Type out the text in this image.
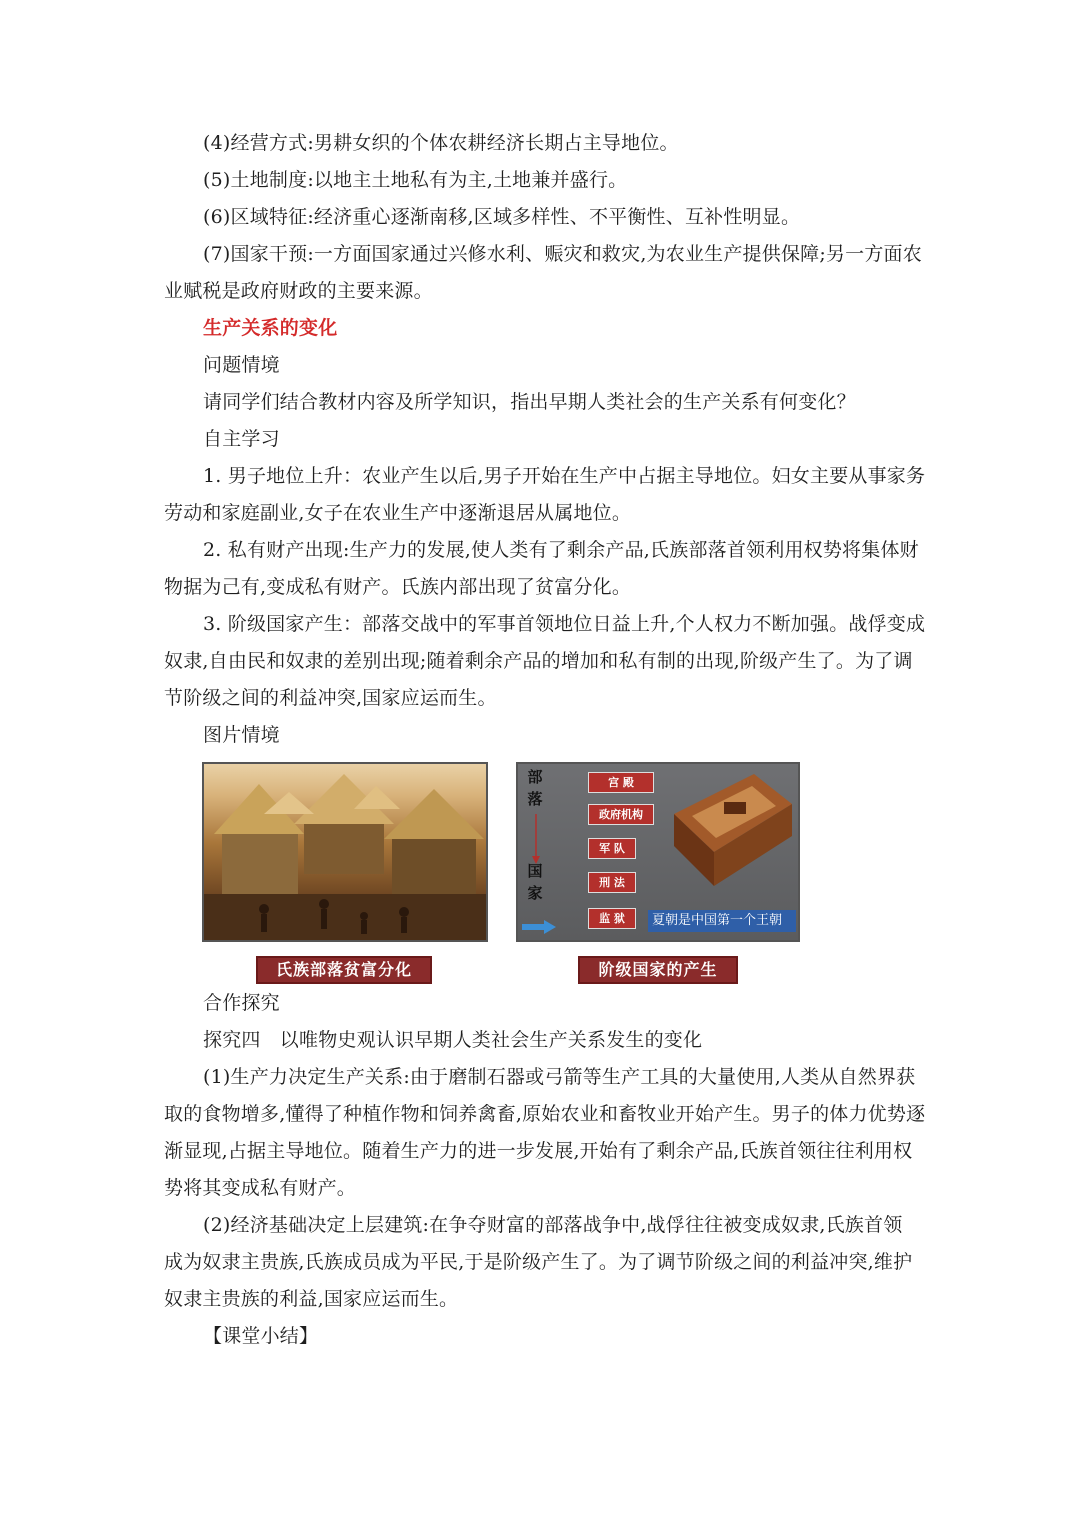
(4)经营方式:男耕女织的个体农耕经济长期占主导地位。
(5)土地制度:以地主土地私有为主,土地兼并盛行。
(6)区域特征:经济重心逐渐南移,区域多样性、不平衡性、互补性明显。
(7)国家干预:一方面国家通过兴修水利、赈灾和救灾,为农业生产提供保障;另一方面农
业赋税是政府财政的主要来源。
生产关系的变化
问题情境
请同学们结合教材内容及所学知识，指出早期人类社会的生产关系有何变化？
自主学习
1. 男子地位上升：农业产生以后,男子开始在生产中占据主导地位。妇女主要从事家务
劳动和家庭副业,女子在农业生产中逐渐退居从属地位。
2. 私有财产出现:生产力的发展,使人类有了剩余产品,氏族部落首领利用权势将集体财
物据为己有,变成私有财产。氏族内部出现了贫富分化。
3. 阶级国家产生：部落交战中的军事首领地位日益上升,个人权力不断加强。战俘变成
奴隶,自由民和奴隶的差别出现;随着剩余产品的增加和私有制的出现,阶级产生了。为了调
节阶级之间的利益冲突,国家应运而生。
图片情境
部
落
国
家
宫 殿
政府机构
军 队
刑 法
监 狱	夏朝是中国第一个王朝
氏族部落贫富分化	阶级国家的产生
合作探究
探究四　以唯物史观认识早期人类社会生产关系发生的变化
(1)生产力决定生产关系:由于磨制石器或弓箭等生产工具的大量使用,人类从自然界获
取的食物增多,懂得了种植作物和饲养禽畜,原始农业和畜牧业开始产生。男子的体力优势逐
渐显现,占据主导地位。随着生产力的进一步发展,开始有了剩余产品,氏族首领往往利用权
势将其变成私有财产。
(2)经济基础决定上层建筑:在争夺财富的部落战争中,战俘往往被变成奴隶,氏族首领
成为奴隶主贵族,氏族成员成为平民,于是阶级产生了。为了调节阶级之间的利益冲突,维护
奴隶主贵族的利益,国家应运而生。
【课堂小结】
